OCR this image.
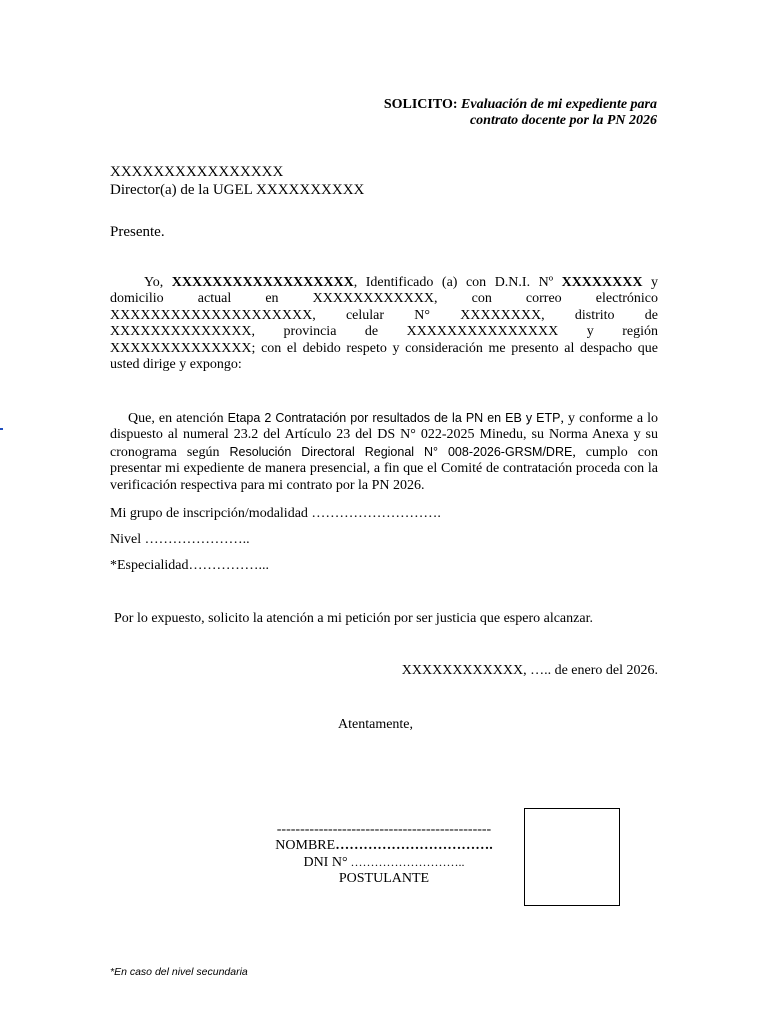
SOLICITO: Evaluación de mi expediente para
contrato docente por la PN 2026
XXXXXXXXXXXXXXXX
Director(a) de la UGEL XXXXXXXXXX
Presente.
Yo, XXXXXXXXXXXXXXXXXX, Identificado (a) con D.N.I. Nº XXXXXXXX y domicilio actual en XXXXXXXXXXXX, con correo electrónico XXXXXXXXXXXXXXXXXXXX, celular N° XXXXXXXX, distrito de XXXXXXXXXXXXXX, provincia de XXXXXXXXXXXXXXX y región XXXXXXXXXXXXXX; con el debido respeto y consideración me presento al despacho que usted dirige y expongo:
Que, en atención Etapa 2 Contratación por resultados de la PN en EB y ETP, y conforme a lo dispuesto al numeral 23.2 del Artículo 23 del DS N° 022-2025 Minedu, su Norma Anexa y su cronograma según Resolución Directoral Regional N° 008-2026-GRSM/DRE, cumplo con presentar mi expediente de manera presencial, a fin que el Comité de contratación proceda con la verificación respectiva para mi contrato por la PN 2026.
Mi grupo de inscripción/modalidad ……………………….
Nivel …………………..
*Especialidad……………...
Por lo expuesto, solicito la atención a mi petición por ser justicia que espero alcanzar.
XXXXXXXXXXXX, ….. de enero del 2026.
Atentamente,
----------------------------------------------
NOMBRE…………………………….
DNI N° ………………………..
POSTULANTE
*En caso del nivel secundaria
